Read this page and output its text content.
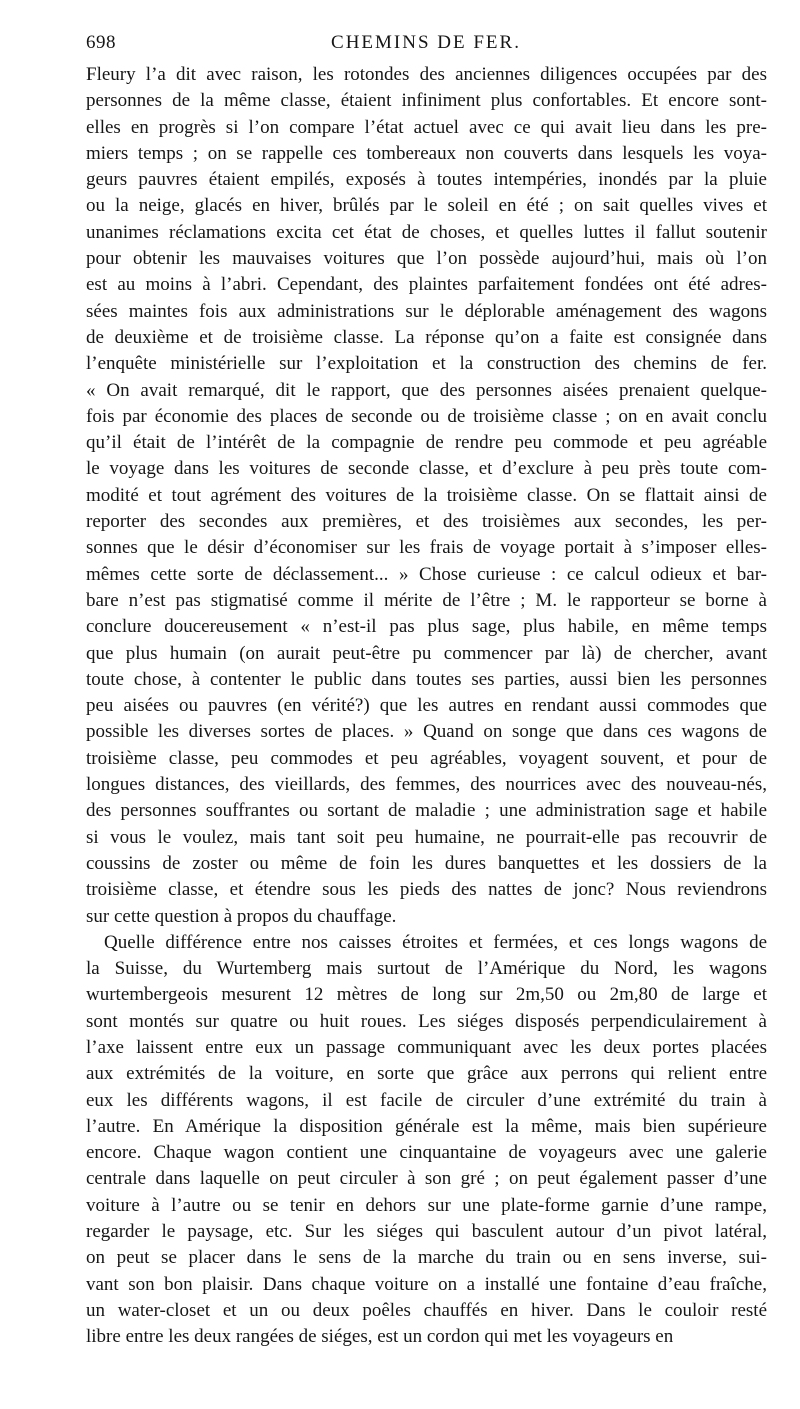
698	CHEMINS DE FER.
Fleury l’a dit avec raison, les rotondes des anciennes diligences occupées par des
personnes de la même classe, étaient infiniment plus confortables. Et encore sont-
elles en progrès si l’on compare l’état actuel avec ce qui avait lieu dans les pre-
miers temps ; on se rappelle ces tombereaux non couverts dans lesquels les voya-
geurs pauvres étaient empilés, exposés à toutes intempéries, inondés par la pluie
ou la neige, glacés en hiver, brûlés par le soleil en été ; on sait quelles vives et
unanimes réclamations excita cet état de choses, et quelles luttes il fallut soutenir
pour obtenir les mauvaises voitures que l’on possède aujourd’hui, mais où l’on
est au moins à l’abri. Cependant, des plaintes parfaitement fondées ont été adres-
sées maintes fois aux administrations sur le déplorable aménagement des wagons
de deuxième et de troisième classe. La réponse qu’on a faite est consignée dans
l’enquête ministérielle sur l’exploitation et la construction des chemins de fer.
« On avait remarqué, dit le rapport, que des personnes aisées prenaient quelque-
fois par économie des places de seconde ou de troisième classe ; on en avait conclu
qu’il était de l’intérêt de la compagnie de rendre peu commode et peu agréable
le voyage dans les voitures de seconde classe, et d’exclure à peu près toute com-
modité et tout agrément des voitures de la troisième classe. On se flattait ainsi de
reporter des secondes aux premières, et des troisièmes aux secondes, les per-
sonnes que le désir d’économiser sur les frais de voyage portait à s’imposer elles-
mêmes cette sorte de déclassement... » Chose curieuse : ce calcul odieux et bar-
bare n’est pas stigmatisé comme il mérite de l’être ; M. le rapporteur se borne à
conclure doucereusement « n’est-il pas plus sage, plus habile, en même temps
que plus humain (on aurait peut-être pu commencer par là) de chercher, avant
toute chose, à contenter le public dans toutes ses parties, aussi bien les personnes
peu aisées ou pauvres (en vérité?) que les autres en rendant aussi commodes que
possible les diverses sortes de places. » Quand on songe que dans ces wagons de
troisième classe, peu commodes et peu agréables, voyagent souvent, et pour de
longues distances, des vieillards, des femmes, des nourrices avec des nouveau-nés,
des personnes souffrantes ou sortant de maladie ; une administration sage et habile
si vous le voulez, mais tant soit peu humaine, ne pourrait-elle pas recouvrir de
coussins de zoster ou même de foin les dures banquettes et les dossiers de la
troisième classe, et étendre sous les pieds des nattes de jonc? Nous reviendrons
sur cette question à propos du chauffage.
Quelle différence entre nos caisses étroites et fermées, et ces longs wagons de
la Suisse, du Wurtemberg mais surtout de l’Amérique du Nord, les wagons
wurtembergeois mesurent 12 mètres de long sur 2m,50 ou 2m,80 de large et
sont montés sur quatre ou huit roues. Les siéges disposés perpendiculairement à
l’axe laissent entre eux un passage communiquant avec les deux portes placées
aux extrémités de la voiture, en sorte que grâce aux perrons qui relient entre
eux les différents wagons, il est facile de circuler d’une extrémité du train à
l’autre. En Amérique la disposition générale est la même, mais bien supérieure
encore. Chaque wagon contient une cinquantaine de voyageurs avec une galerie
centrale dans laquelle on peut circuler à son gré ; on peut également passer d’une
voiture à l’autre ou se tenir en dehors sur une plate-forme garnie d’une rampe,
regarder le paysage, etc. Sur les siéges qui basculent autour d’un pivot latéral,
on peut se placer dans le sens de la marche du train ou en sens inverse, sui-
vant son bon plaisir. Dans chaque voiture on a installé une fontaine d’eau fraîche,
un water-closet et un ou deux poêles chauffés en hiver. Dans le couloir resté
libre entre les deux rangées de siéges, est un cordon qui met les voyageurs en
